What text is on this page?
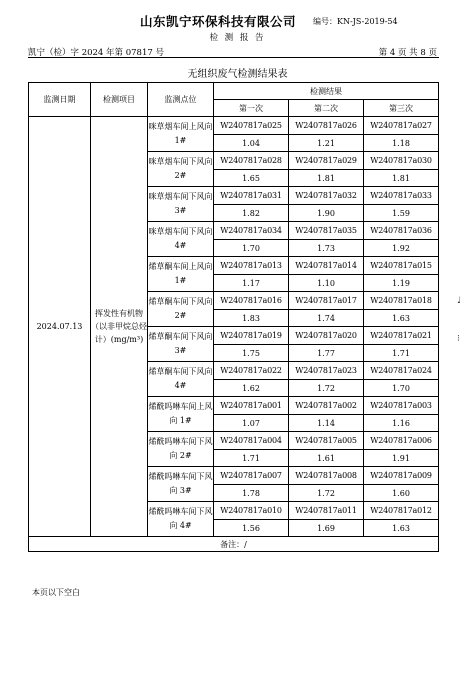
山东凯宁环保科技有限公司 编号：KN-JS-2019-54
检 测 报 告
凯宁（检）字 2024 年第 07817 号	第 4 页 共 8 页
无组织废气检测结果表
监测日期	检测项目	监测点位	检测结果		
			第一次	第二次	第三次
2024.07.13	挥发性有机物（以非甲烷总烃计）(mg/m³)	咪草烟车间上风向 1#	W2407817a025	W2407817a026	W2407817a027
			1.04	1.21	1.18
		咪草烟车间下风向 2#	W2407817a028	W2407817a029	W2407817a030
			1.65	1.81	1.81
		咪草烟车间下风向 3#	W2407817a031	W2407817a032	W2407817a033
			1.82	1.90	1.59
		咪草烟车间下风向 4#	W2407817a034	W2407817a035	W2407817a036
			1.70	1.73	1.92
		烯草酮车间上风向 1#	W2407817a013	W2407817a014	W2407817a015
			1.17	1.10	1.19
		烯草酮车间下风向 2#	W2407817a016	W2407817a017	W2407817a018
			1.83	1.74	1.63
		烯草酮车间下风向 3#	W2407817a019	W2407817a020	W2407817a021
			1.75	1.77	1.71
		烯草酮车间下风向 4#	W2407817a022	W2407817a023	W2407817a024
			1.62	1.72	1.70
		烯酰吗啉车间上风向 1#	W2407817a001	W2407817a002	W2407817a003
			1.07	1.14	1.16
		烯酰吗啉车间下风向 2#	W2407817a004	W2407817a005	W2407817a006
			1.71	1.61	1.91
		烯酰吗啉车间下风向 3#	W2407817a007	W2407817a008	W2407817a009
			1.78	1.72	1.60
		烯酰吗啉车间下风向 4#	W2407817a010	W2407817a011	W2407817a012
			1.56	1.69	1.63
备注：/					
本页以下空白
♩
⁝
